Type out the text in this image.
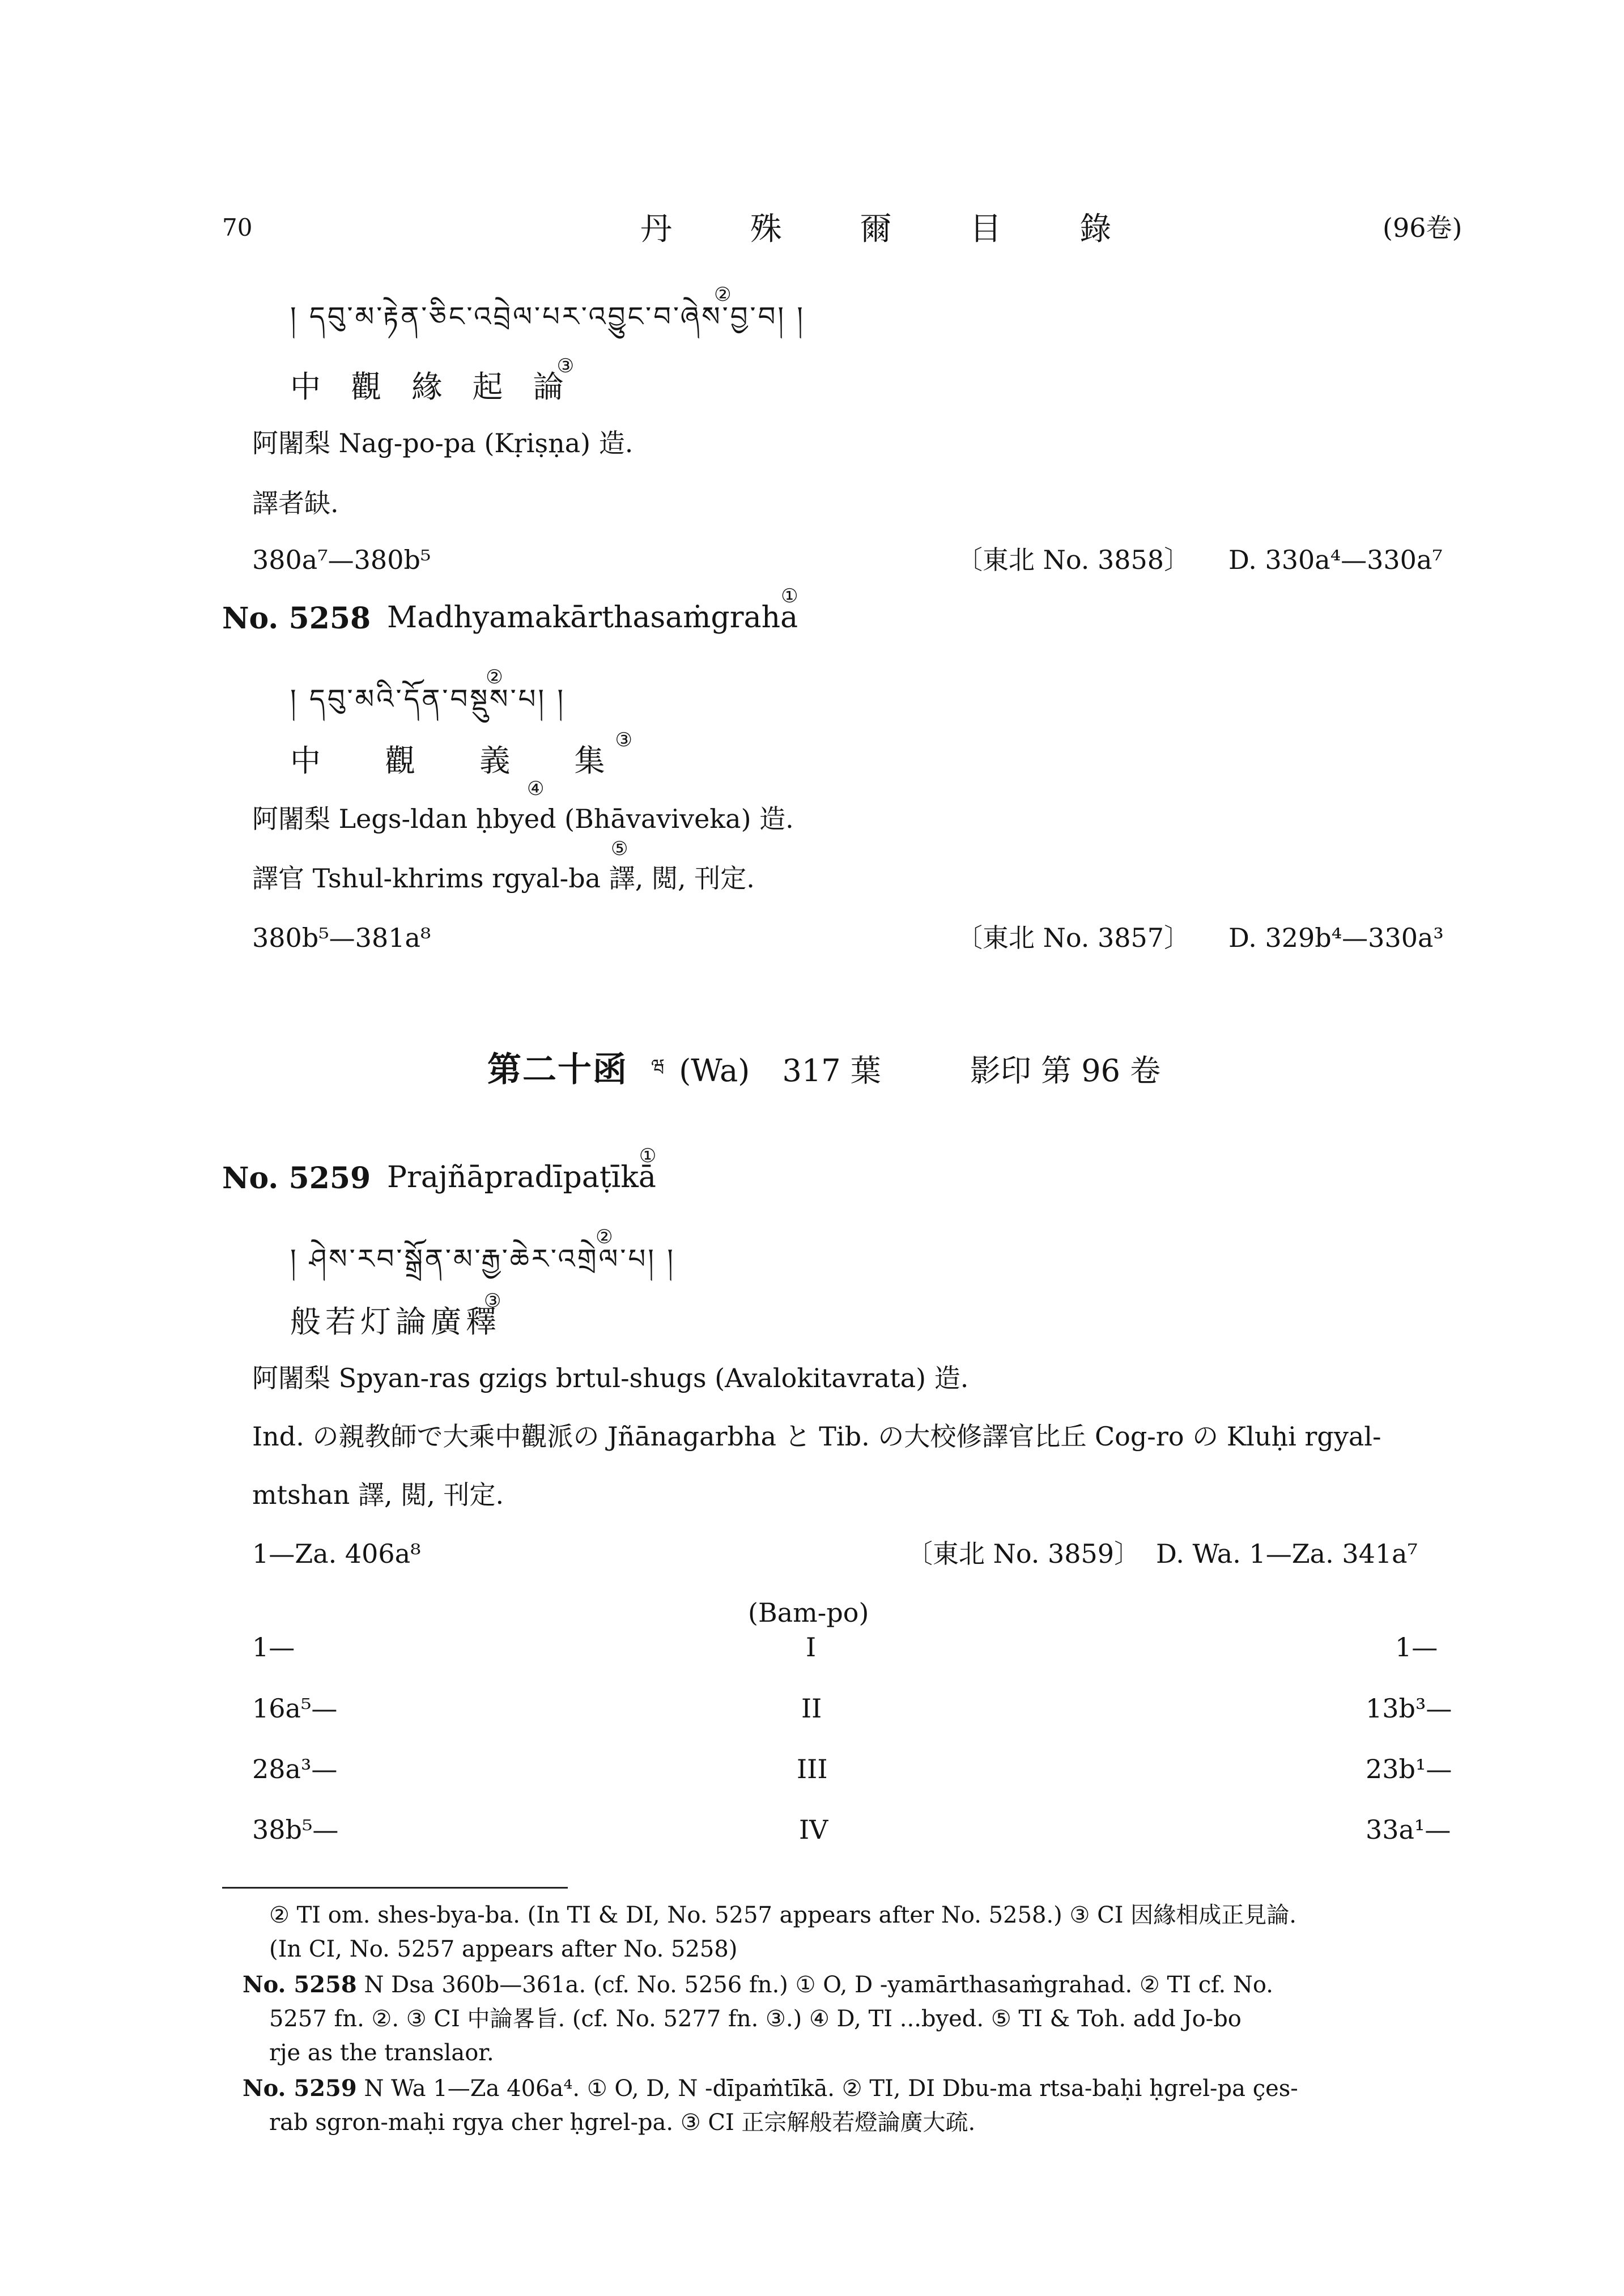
70	丹 殊 爾 目 錄	(96卷)
། དབུ་མ་རྟེན་ཅིང་འབྲེལ་པར་འབྱུང་བ་ཞེས་བྱ་བ། ། ②
中 觀 緣 起 論③
阿闍梨 Nag-po-pa (Kṛiṣṇa) 造.
譯者缺.
380a⁷—380b⁵	〔東北 No. 3858〕 D. 330a⁴—330a⁷
No. 5258 Madhyamakārthasaṁgraha①
། དབུ་མའི་དོན་བསྡུས་པ། ། ②
中 觀 義 集③
阿闍梨 Legs-ldan ḥbyed (Bhāvaviveka) 造.
④
譯官 Tshul-khrims rgyal-ba 譯, 閲, 刊定.
⑤
380b⁵—381a⁸	〔東北 No. 3857〕 D. 329b⁴—330a³
第二十函 $^ཝ$ (Wa) 317 葉	影印 第 96 卷
No. 5259 Prajñāpradīpaṭīkā①
། ཤེས་རབ་སྒྲོན་མ་རྒྱ་ཆེར་འགྲེལ་པ། ། ②
般若灯論廣釋③
阿闍梨 Spyan-ras gzigs brtul-shugs (Avalokitavrata) 造.
Ind. の親教師で大乘中觀派の Jñānagarbha と Tib. の大校修譯官比丘 Cog-ro の Kluḥi rgyal-
mtshan 譯, 閲, 刊定.
1—Za. 406a⁸	〔東北 No. 3859〕 D. Wa. 1—Za. 341a⁷
(Bam-po)
1—	I	1—
16a⁵—	II	13b³—
28a³—	III	23b¹—
38b⁵—	IV	33a¹—
② TI om. shes-bya-ba. (In TI & DI, No. 5257 appears after No. 5258.) ③ CI 因緣相成正見論.
(In CI, No. 5257 appears after No. 5258)
No. 5258 N Dsa 360b—361a. (cf. No. 5256 fn.) ① O, D -yamārthasaṁgrahad. ② TI cf. No.
5257 fn. ②. ③ CI 中論畧旨. (cf. No. 5277 fn. ③.) ④ D, TI ...byed. ⑤ TI & Toh. add Jo-bo
rje as the translaor.
No. 5259 N Wa 1—Za 406a⁴. ① O, D, N -dīpaṁtīkā. ② TI, DI Dbu-ma rtsa-baḥi ḥgrel-pa çes-
rab sgron-maḥi rgya cher ḥgrel-pa. ③ CI 正宗解般若燈論廣大疏.
